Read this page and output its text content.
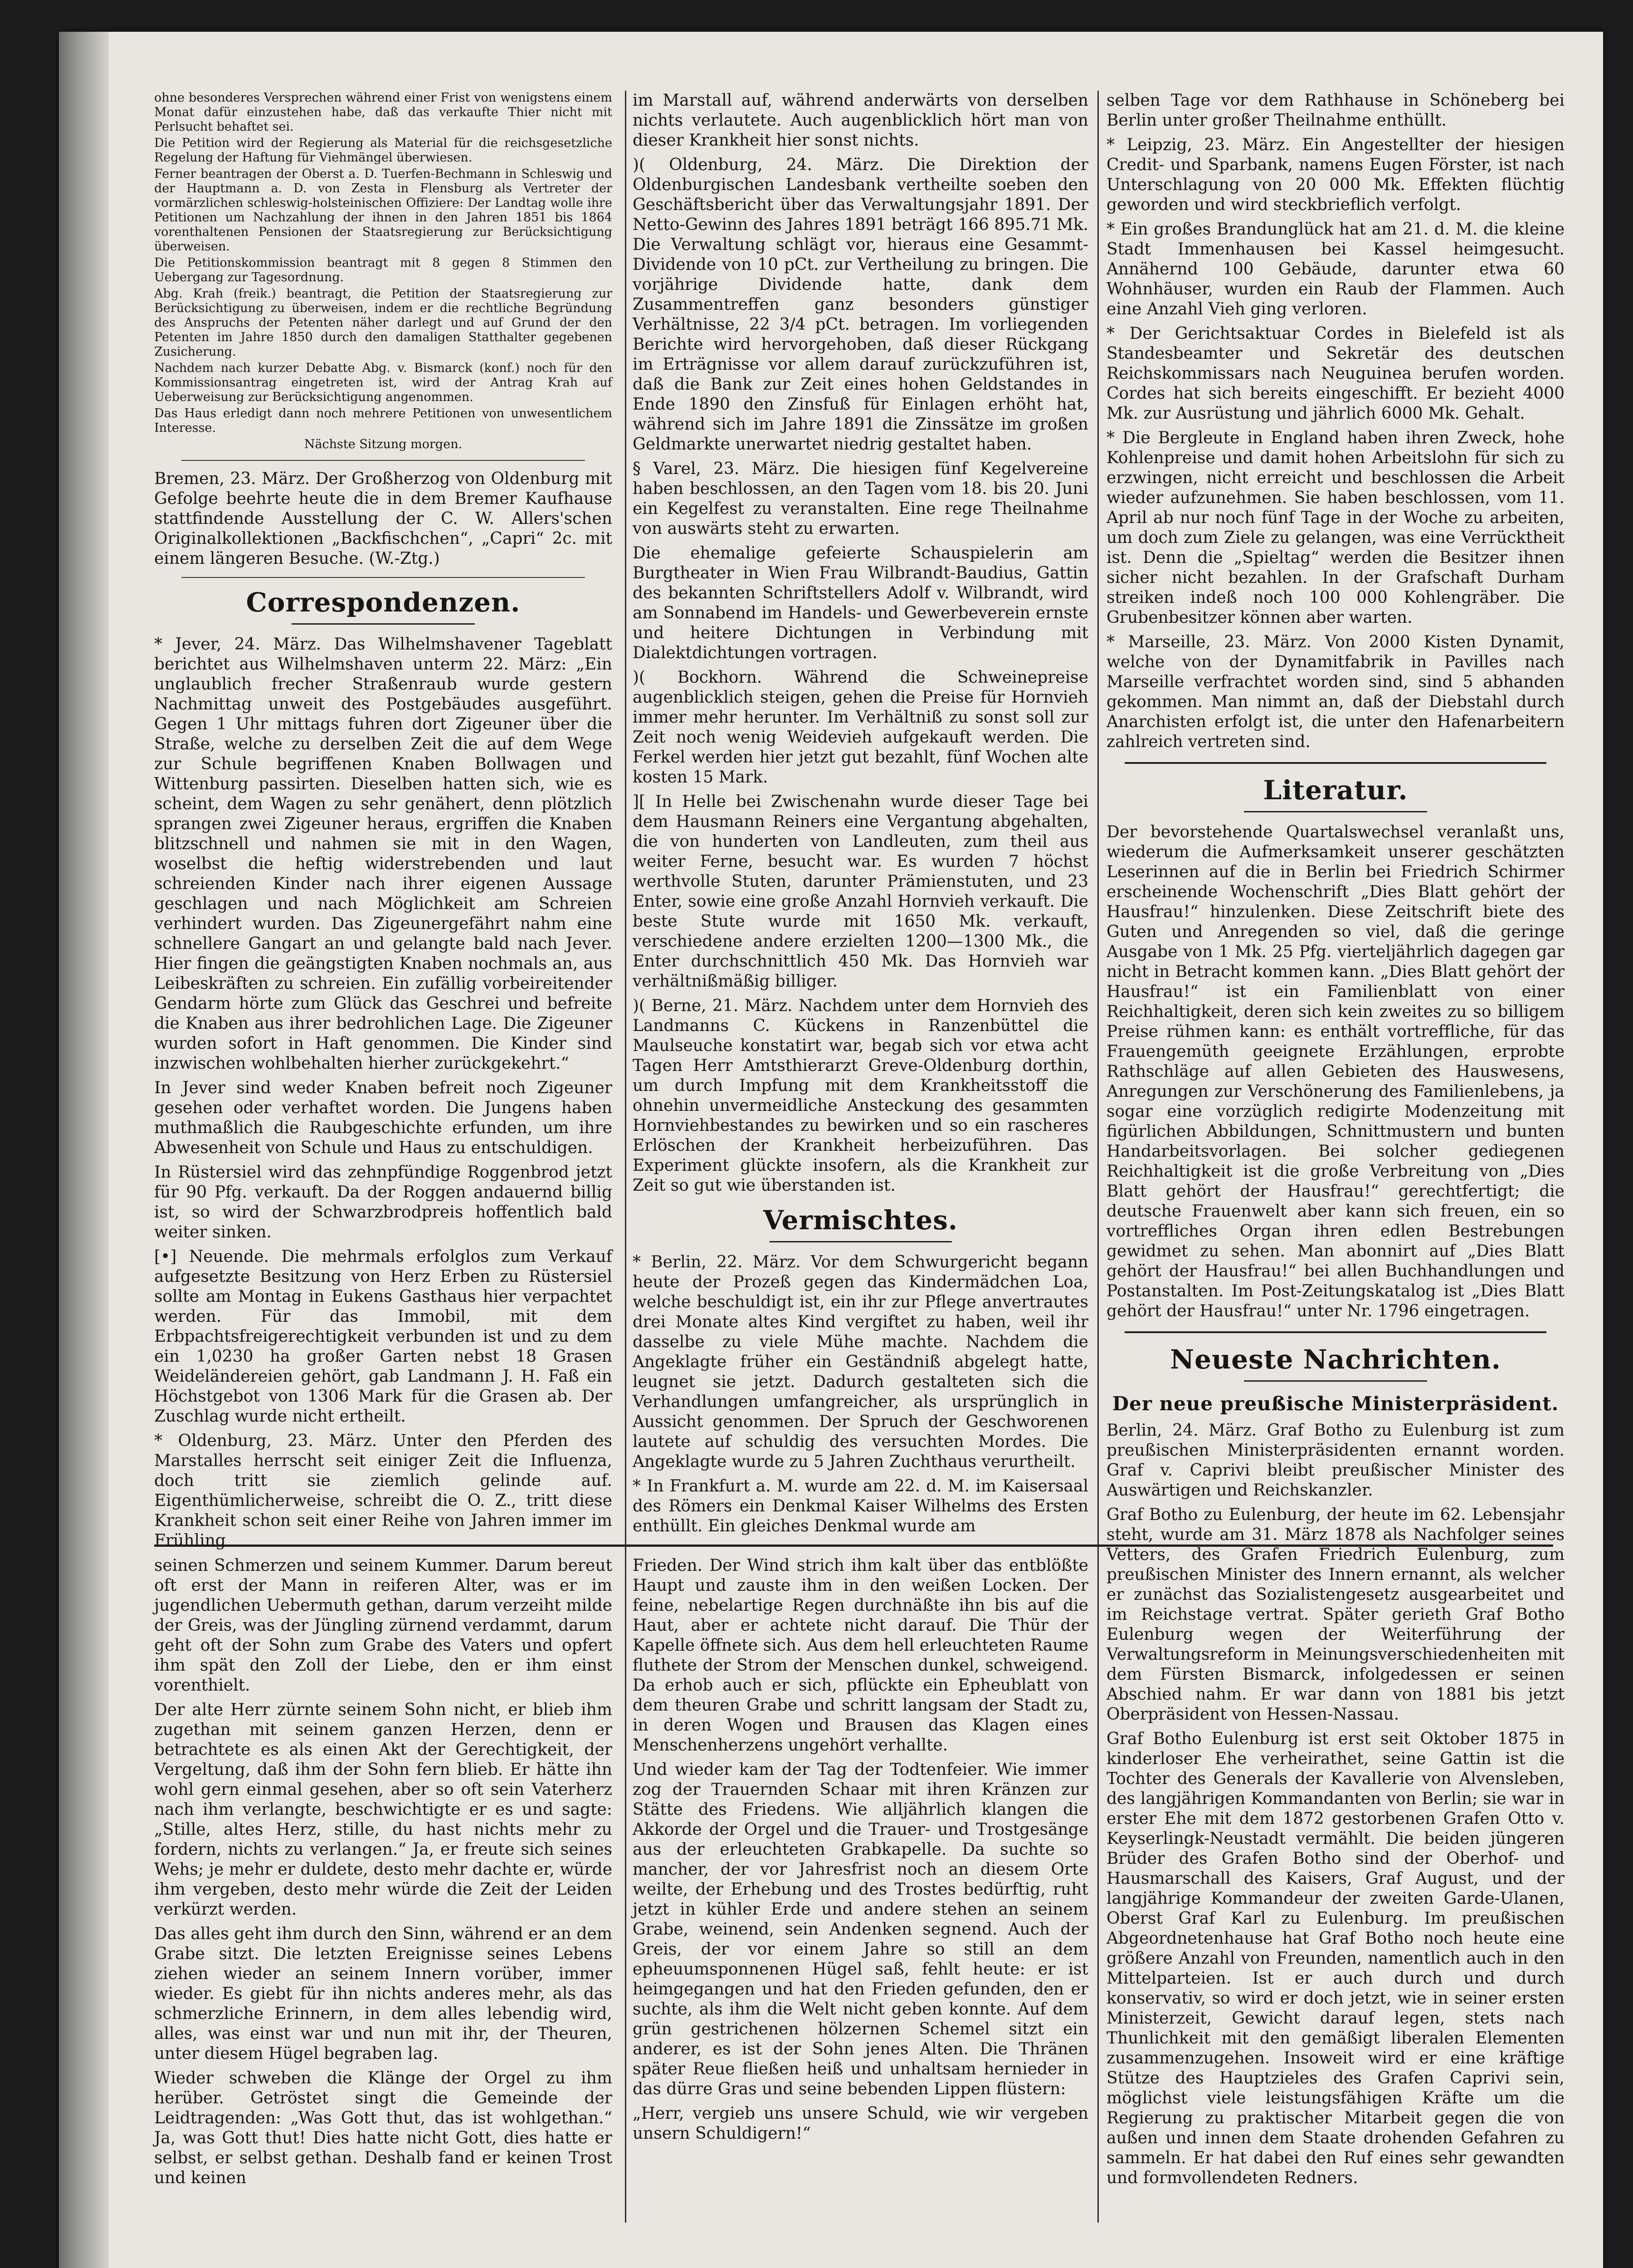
ohne besonderes Versprechen während einer Frist von wenigstens einem Monat dafür einzustehen habe, daß das verkaufte Thier nicht mit Perlsucht behaftet sei.

Die Petition wird der Regierung als Material für die reichsgesetzliche Regelung der Haftung für Viehmängel überwiesen.

Ferner beantragen der Oberst a. D. Tuerfen-Bechmann in Schleswig und der Hauptmann a. D. von Zesta in Flensburg als Vertreter der vormärzlichen schleswig-holsteinischen Offiziere: Der Landtag wolle ihre Petitionen um Nachzahlung der ihnen in den Jahren 1851 bis 1864 vorenthaltenen Pensionen der Staatsregierung zur Berücksichtigung überweisen.

Die Petitionskommission beantragt mit 8 gegen 8 Stimmen den Uebergang zur Tagesordnung.

Abg. Krah (freik.) beantragt, die Petition der Staatsregierung zur Berücksichtigung zu überweisen, indem er die rechtliche Begründung des Anspruchs der Petenten näher darlegt und auf Grund der den Petenten im Jahre 1850 durch den damaligen Statthalter gegebenen Zusicherung.

Nachdem nach kurzer Debatte Abg. v. Bismarck (konf.) noch für den Kommissionsantrag eingetreten ist, wird der Antrag Krah auf Ueberweisung zur Berücksichtigung angenommen.

Das Haus erledigt dann noch mehrere Petitionen von unwesentlichem Interesse.

Nächste Sitzung morgen.

Bremen, 23. März. Der Großherzog von Oldenburg mit Gefolge beehrte heute die in dem Bremer Kaufhause stattfindende Ausstellung der C. W. Allers'schen Originalkollektionen „Backfischchen“, „Capri“ 2c. mit einem längeren Besuche. (W.-Ztg.)

Correspondenzen.

* Jever, 24. März. Das Wilhelmshavener Tageblatt berichtet aus Wilhelmshaven unterm 22. März: „Ein unglaublich frecher Straßenraub wurde gestern Nachmittag unweit des Postgebäudes ausgeführt. Gegen 1 Uhr mittags fuhren dort Zigeuner über die Straße, welche zu derselben Zeit die auf dem Wege zur Schule begriffenen Knaben Bollwagen und Wittenburg passirten. Dieselben hatten sich, wie es scheint, dem Wagen zu sehr genähert, denn plötzlich sprangen zwei Zigeuner heraus, ergriffen die Knaben blitzschnell und nahmen sie mit in den Wagen, woselbst die heftig widerstrebenden und laut schreienden Kinder nach ihrer eigenen Aussage geschlagen und nach Möglichkeit am Schreien verhindert wurden. Das Zigeunergefährt nahm eine schnellere Gangart an und gelangte bald nach Jever. Hier fingen die geängstigten Knaben nochmals an, aus Leibeskräften zu schreien. Ein zufällig vorbeireitender Gendarm hörte zum Glück das Geschrei und befreite die Knaben aus ihrer bedrohlichen Lage. Die Zigeuner wurden sofort in Haft genommen. Die Kinder sind inzwischen wohlbehalten hierher zurückgekehrt.“

In Jever sind weder Knaben befreit noch Zigeuner gesehen oder verhaftet worden. Die Jungens haben muthmaßlich die Raubgeschichte erfunden, um ihre Abwesenheit von Schule und Haus zu entschuldigen.

In Rüstersiel wird das zehnpfündige Roggenbrod jetzt für 90 Pfg. verkauft. Da der Roggen andauernd billig ist, so wird der Schwarzbrodpreis hoffentlich bald weiter sinken.

[•] Neuende. Die mehrmals erfolglos zum Verkauf aufgesetzte Besitzung von Herz Erben zu Rüstersiel sollte am Montag in Eukens Gasthaus hier verpachtet werden. Für das Immobil, mit dem Erbpachtsfreigerechtigkeit verbunden ist und zu dem ein 1,0230 ha großer Garten nebst 18 Grasen Weideländereien gehört, gab Landmann J. H. Faß ein Höchstgebot von 1306 Mark für die Grasen ab. Der Zuschlag wurde nicht ertheilt.

* Oldenburg, 23. März. Unter den Pferden des Marstalles herrscht seit einiger Zeit die Influenza, doch tritt sie ziemlich gelinde auf. Eigenthümlicherweise, schreibt die O. Z., tritt diese Krankheit schon seit einer Reihe von Jahren immer im Frühling

im Marstall auf, während anderwärts von derselben nichts verlautete. Auch augenblicklich hört man von dieser Krankheit hier sonst nichts.

)( Oldenburg, 24. März. Die Direktion der Oldenburgischen Landesbank vertheilte soeben den Geschäftsbericht über das Verwaltungsjahr 1891. Der Netto-Gewinn des Jahres 1891 beträgt 166 895.71 Mk. Die Verwaltung schlägt vor, hieraus eine Gesammt-Dividende von 10 pCt. zur Vertheilung zu bringen. Die vorjährige Dividende hatte, dank dem Zusammentreffen ganz besonders günstiger Verhältnisse, 22 3/4 pCt. betragen. Im vorliegenden Berichte wird hervorgehoben, daß dieser Rückgang im Erträgnisse vor allem darauf zurückzuführen ist, daß die Bank zur Zeit eines hohen Geldstandes in Ende 1890 den Zinsfuß für Einlagen erhöht hat, während sich im Jahre 1891 die Zinssätze im großen Geldmarkte unerwartet niedrig gestaltet haben.

§ Varel, 23. März. Die hiesigen fünf Kegelvereine haben beschlossen, an den Tagen vom 18. bis 20. Juni ein Kegelfest zu veranstalten. Eine rege Theilnahme von auswärts steht zu erwarten.

Die ehemalige gefeierte Schauspielerin am Burgtheater in Wien Frau Wilbrandt-Baudius, Gattin des bekannten Schriftstellers Adolf v. Wilbrandt, wird am Sonnabend im Handels- und Gewerbeverein ernste und heitere Dichtungen in Verbindung mit Dialektdichtungen vortragen.

)( Bockhorn. Während die Schweinepreise augenblicklich steigen, gehen die Preise für Hornvieh immer mehr herunter. Im Verhältniß zu sonst soll zur Zeit noch wenig Weidevieh aufgekauft werden. Die Ferkel werden hier jetzt gut bezahlt, fünf Wochen alte kosten 15 Mark.

][ In Helle bei Zwischenahn wurde dieser Tage bei dem Hausmann Reiners eine Vergantung abgehalten, die von hunderten von Landleuten, zum theil aus weiter Ferne, besucht war. Es wurden 7 höchst werthvolle Stuten, darunter Prämienstuten, und 23 Enter, sowie eine große Anzahl Hornvieh verkauft. Die beste Stute wurde mit 1650 Mk. verkauft, verschiedene andere erzielten 1200—1300 Mk., die Enter durchschnittlich 450 Mk. Das Hornvieh war verhältnißmäßig billiger.

)( Berne, 21. März. Nachdem unter dem Hornvieh des Landmanns C. Kückens in Ranzenbüttel die Maulseuche konstatirt war, begab sich vor etwa acht Tagen Herr Amtsthierarzt Greve-Oldenburg dorthin, um durch Impfung mit dem Krankheitsstoff die ohnehin unvermeidliche Ansteckung des gesammten Hornviehbestandes zu bewirken und so ein rascheres Erlöschen der Krankheit herbeizuführen. Das Experiment glückte insofern, als die Krankheit zur Zeit so gut wie überstanden ist.

Vermischtes.

* Berlin, 22. März. Vor dem Schwurgericht begann heute der Prozeß gegen das Kindermädchen Loa, welche beschuldigt ist, ein ihr zur Pflege anvertrautes drei Monate altes Kind vergiftet zu haben, weil ihr dasselbe zu viele Mühe machte. Nachdem die Angeklagte früher ein Geständniß abgelegt hatte, leugnet sie jetzt. Dadurch gestalteten sich die Verhandlungen umfangreicher, als ursprünglich in Aussicht genommen. Der Spruch der Geschworenen lautete auf schuldig des versuchten Mordes. Die Angeklagte wurde zu 5 Jahren Zuchthaus verurtheilt.

* In Frankfurt a. M. wurde am 22. d. M. im Kaisersaal des Römers ein Denkmal Kaiser Wilhelms des Ersten enthüllt. Ein gleiches Denkmal wurde am

selben Tage vor dem Rathhause in Schöneberg bei Berlin unter großer Theilnahme enthüllt.

* Leipzig, 23. März. Ein Angestellter der hiesigen Credit- und Sparbank, namens Eugen Förster, ist nach Unterschlagung von 20 000 Mk. Effekten flüchtig geworden und wird steckbrieflich verfolgt.

* Ein großes Brandunglück hat am 21. d. M. die kleine Stadt Immenhausen bei Kassel heimgesucht. Annähernd 100 Gebäude, darunter etwa 60 Wohnhäuser, wurden ein Raub der Flammen. Auch eine Anzahl Vieh ging verloren.

* Der Gerichtsaktuar Cordes in Bielefeld ist als Standesbeamter und Sekretär des deutschen Reichskommissars nach Neuguinea berufen worden. Cordes hat sich bereits eingeschifft. Er bezieht 4000 Mk. zur Ausrüstung und jährlich 6000 Mk. Gehalt.

* Die Bergleute in England haben ihren Zweck, hohe Kohlenpreise und damit hohen Arbeitslohn für sich zu erzwingen, nicht erreicht und beschlossen die Arbeit wieder aufzunehmen. Sie haben beschlossen, vom 11. April ab nur noch fünf Tage in der Woche zu arbeiten, um doch zum Ziele zu gelangen, was eine Verrücktheit ist. Denn die „Spieltag“ werden die Besitzer ihnen sicher nicht bezahlen. In der Grafschaft Durham streiken indeß noch 100 000 Kohlengräber. Die Grubenbesitzer können aber warten.

* Marseille, 23. März. Von 2000 Kisten Dynamit, welche von der Dynamitfabrik in Pavilles nach Marseille verfrachtet worden sind, sind 5 abhanden gekommen. Man nimmt an, daß der Diebstahl durch Anarchisten erfolgt ist, die unter den Hafenarbeitern zahlreich vertreten sind.

Literatur.

Der bevorstehende Quartalswechsel veranlaßt uns, wiederum die Aufmerksamkeit unserer geschätzten Leserinnen auf die in Berlin bei Friedrich Schirmer erscheinende Wochenschrift „Dies Blatt gehört der Hausfrau!“ hinzulenken. Diese Zeitschrift biete des Guten und Anregenden so viel, daß die geringe Ausgabe von 1 Mk. 25 Pfg. vierteljährlich dagegen gar nicht in Betracht kommen kann. „Dies Blatt gehört der Hausfrau!“ ist ein Familienblatt von einer Reichhaltigkeit, deren sich kein zweites zu so billigem Preise rühmen kann: es enthält vortreffliche, für das Frauengemüth geeignete Erzählungen, erprobte Rathschläge auf allen Gebieten des Hauswesens, Anregungen zur Verschönerung des Familienlebens, ja sogar eine vorzüglich redigirte Modenzeitung mit figürlichen Abbildungen, Schnittmustern und bunten Handarbeitsvorlagen. Bei solcher gediegenen Reichhaltigkeit ist die große Verbreitung von „Dies Blatt gehört der Hausfrau!“ gerechtfertigt; die deutsche Frauenwelt aber kann sich freuen, ein so vortreffliches Organ ihren edlen Bestrebungen gewidmet zu sehen. Man abonnirt auf „Dies Blatt gehört der Hausfrau!“ bei allen Buchhandlungen und Postanstalten. Im Post-Zeitungskatalog ist „Dies Blatt gehört der Hausfrau!“ unter Nr. 1796 eingetragen.

Neueste Nachrichten.
Der neue preußische Ministerpräsident.

Berlin, 24. März. Graf Botho zu Eulenburg ist zum preußischen Ministerpräsidenten ernannt worden. Graf v. Caprivi bleibt preußischer Minister des Auswärtigen und Reichskanzler.

Graf Botho zu Eulenburg, der heute im 62. Lebensjahr steht, wurde am 31. März 1878 als Nachfolger seines Vetters, des Grafen Friedrich Eulenburg, zum preußischen Minister des Innern ernannt, als welcher er zunächst das Sozialistengesetz ausgearbeitet und im Reichstage vertrat. Später gerieth Graf Botho Eulenburg wegen der Weiterführung der Verwaltungsreform in Meinungsverschiedenheiten mit dem Fürsten Bismarck, infolgedessen er seinen Abschied nahm. Er war dann von 1881 bis jetzt Oberpräsident von Hessen-Nassau.

Graf Botho Eulenburg ist erst seit Oktober 1875 in kinderloser Ehe verheirathet, seine Gattin ist die Tochter des Generals der Kavallerie von Alvensleben, des langjährigen Kommandanten von Berlin; sie war in erster Ehe mit dem 1872 gestorbenen Grafen Otto v. Keyserlingk-Neustadt vermählt. Die beiden jüngeren Brüder des Grafen Botho sind der Oberhof- und Hausmarschall des Kaisers, Graf August, und der langjährige Kommandeur der zweiten Garde-Ulanen, Oberst Graf Karl zu Eulenburg. Im preußischen Abgeordnetenhause hat Graf Botho noch heute eine größere Anzahl von Freunden, namentlich auch in den Mittelparteien. Ist er auch durch und durch konservativ, so wird er doch jetzt, wie in seiner ersten Ministerzeit, Gewicht darauf legen, stets nach Thunlichkeit mit den gemäßigt liberalen Elementen zusammenzugehen. Insoweit wird er eine kräftige Stütze des Hauptzieles des Grafen Caprivi sein, möglichst viele leistungsfähigen Kräfte um die Regierung zu praktischer Mitarbeit gegen die von außen und innen dem Staate drohenden Gefahren zu sammeln. Er hat dabei den Ruf eines sehr gewandten und formvollendeten Redners.

seinen Schmerzen und seinem Kummer. Darum bereut oft erst der Mann in reiferen Alter, was er im jugendlichen Uebermuth gethan, darum verzeiht milde der Greis, was der Jüngling zürnend verdammt, darum geht oft der Sohn zum Grabe des Vaters und opfert ihm spät den Zoll der Liebe, den er ihm einst vorenthielt.

Der alte Herr zürnte seinem Sohn nicht, er blieb ihm zugethan mit seinem ganzen Herzen, denn er betrachtete es als einen Akt der Gerechtigkeit, der Vergeltung, daß ihm der Sohn fern blieb. Er hätte ihn wohl gern einmal gesehen, aber so oft sein Vaterherz nach ihm verlangte, beschwichtigte er es und sagte: „Stille, altes Herz, stille, du hast nichts mehr zu fordern, nichts zu verlangen.“ Ja, er freute sich seines Wehs; je mehr er duldete, desto mehr dachte er, würde ihm vergeben, desto mehr würde die Zeit der Leiden verkürzt werden.

Das alles geht ihm durch den Sinn, während er an dem Grabe sitzt. Die letzten Ereignisse seines Lebens ziehen wieder an seinem Innern vorüber, immer wieder. Es giebt für ihn nichts anderes mehr, als das schmerzliche Erinnern, in dem alles lebendig wird, alles, was einst war und nun mit ihr, der Theuren, unter diesem Hügel begraben lag.

Wieder schweben die Klänge der Orgel zu ihm herüber. Getröstet singt die Gemeinde der Leidtragenden: „Was Gott thut, das ist wohlgethan.“ Ja, was Gott thut! Dies hatte nicht Gott, dies hatte er selbst, er selbst gethan. Deshalb fand er keinen Trost und keinen

Frieden. Der Wind strich ihm kalt über das entblößte Haupt und zauste ihm in den weißen Locken. Der feine, nebelartige Regen durchnäßte ihn bis auf die Haut, aber er achtete nicht darauf. Die Thür der Kapelle öffnete sich. Aus dem hell erleuchteten Raume fluthete der Strom der Menschen dunkel, schweigend. Da erhob auch er sich, pflückte ein Epheublatt von dem theuren Grabe und schritt langsam der Stadt zu, in deren Wogen und Brausen das Klagen eines Menschenherzens ungehört verhallte.

Und wieder kam der Tag der Todtenfeier. Wie immer zog der Trauernden Schaar mit ihren Kränzen zur Stätte des Friedens. Wie alljährlich klangen die Akkorde der Orgel und die Trauer- und Trostgesänge aus der erleuchteten Grabkapelle. Da suchte so mancher, der vor Jahresfrist noch an diesem Orte weilte, der Erhebung und des Trostes bedürftig, ruht jetzt in kühler Erde und andere stehen an seinem Grabe, weinend, sein Andenken segnend. Auch der Greis, der vor einem Jahre so still an dem epheuumsponnenen Hügel saß, fehlt heute: er ist heimgegangen und hat den Frieden gefunden, den er suchte, als ihm die Welt nicht geben konnte. Auf dem grün gestrichenen hölzernen Schemel sitzt ein anderer, es ist der Sohn jenes Alten. Die Thränen später Reue fließen heiß und unhaltsam hernieder in das dürre Gras und seine bebenden Lippen flüstern:

„Herr, vergieb uns unsere Schuld, wie wir vergeben unsern Schuldigern!“
